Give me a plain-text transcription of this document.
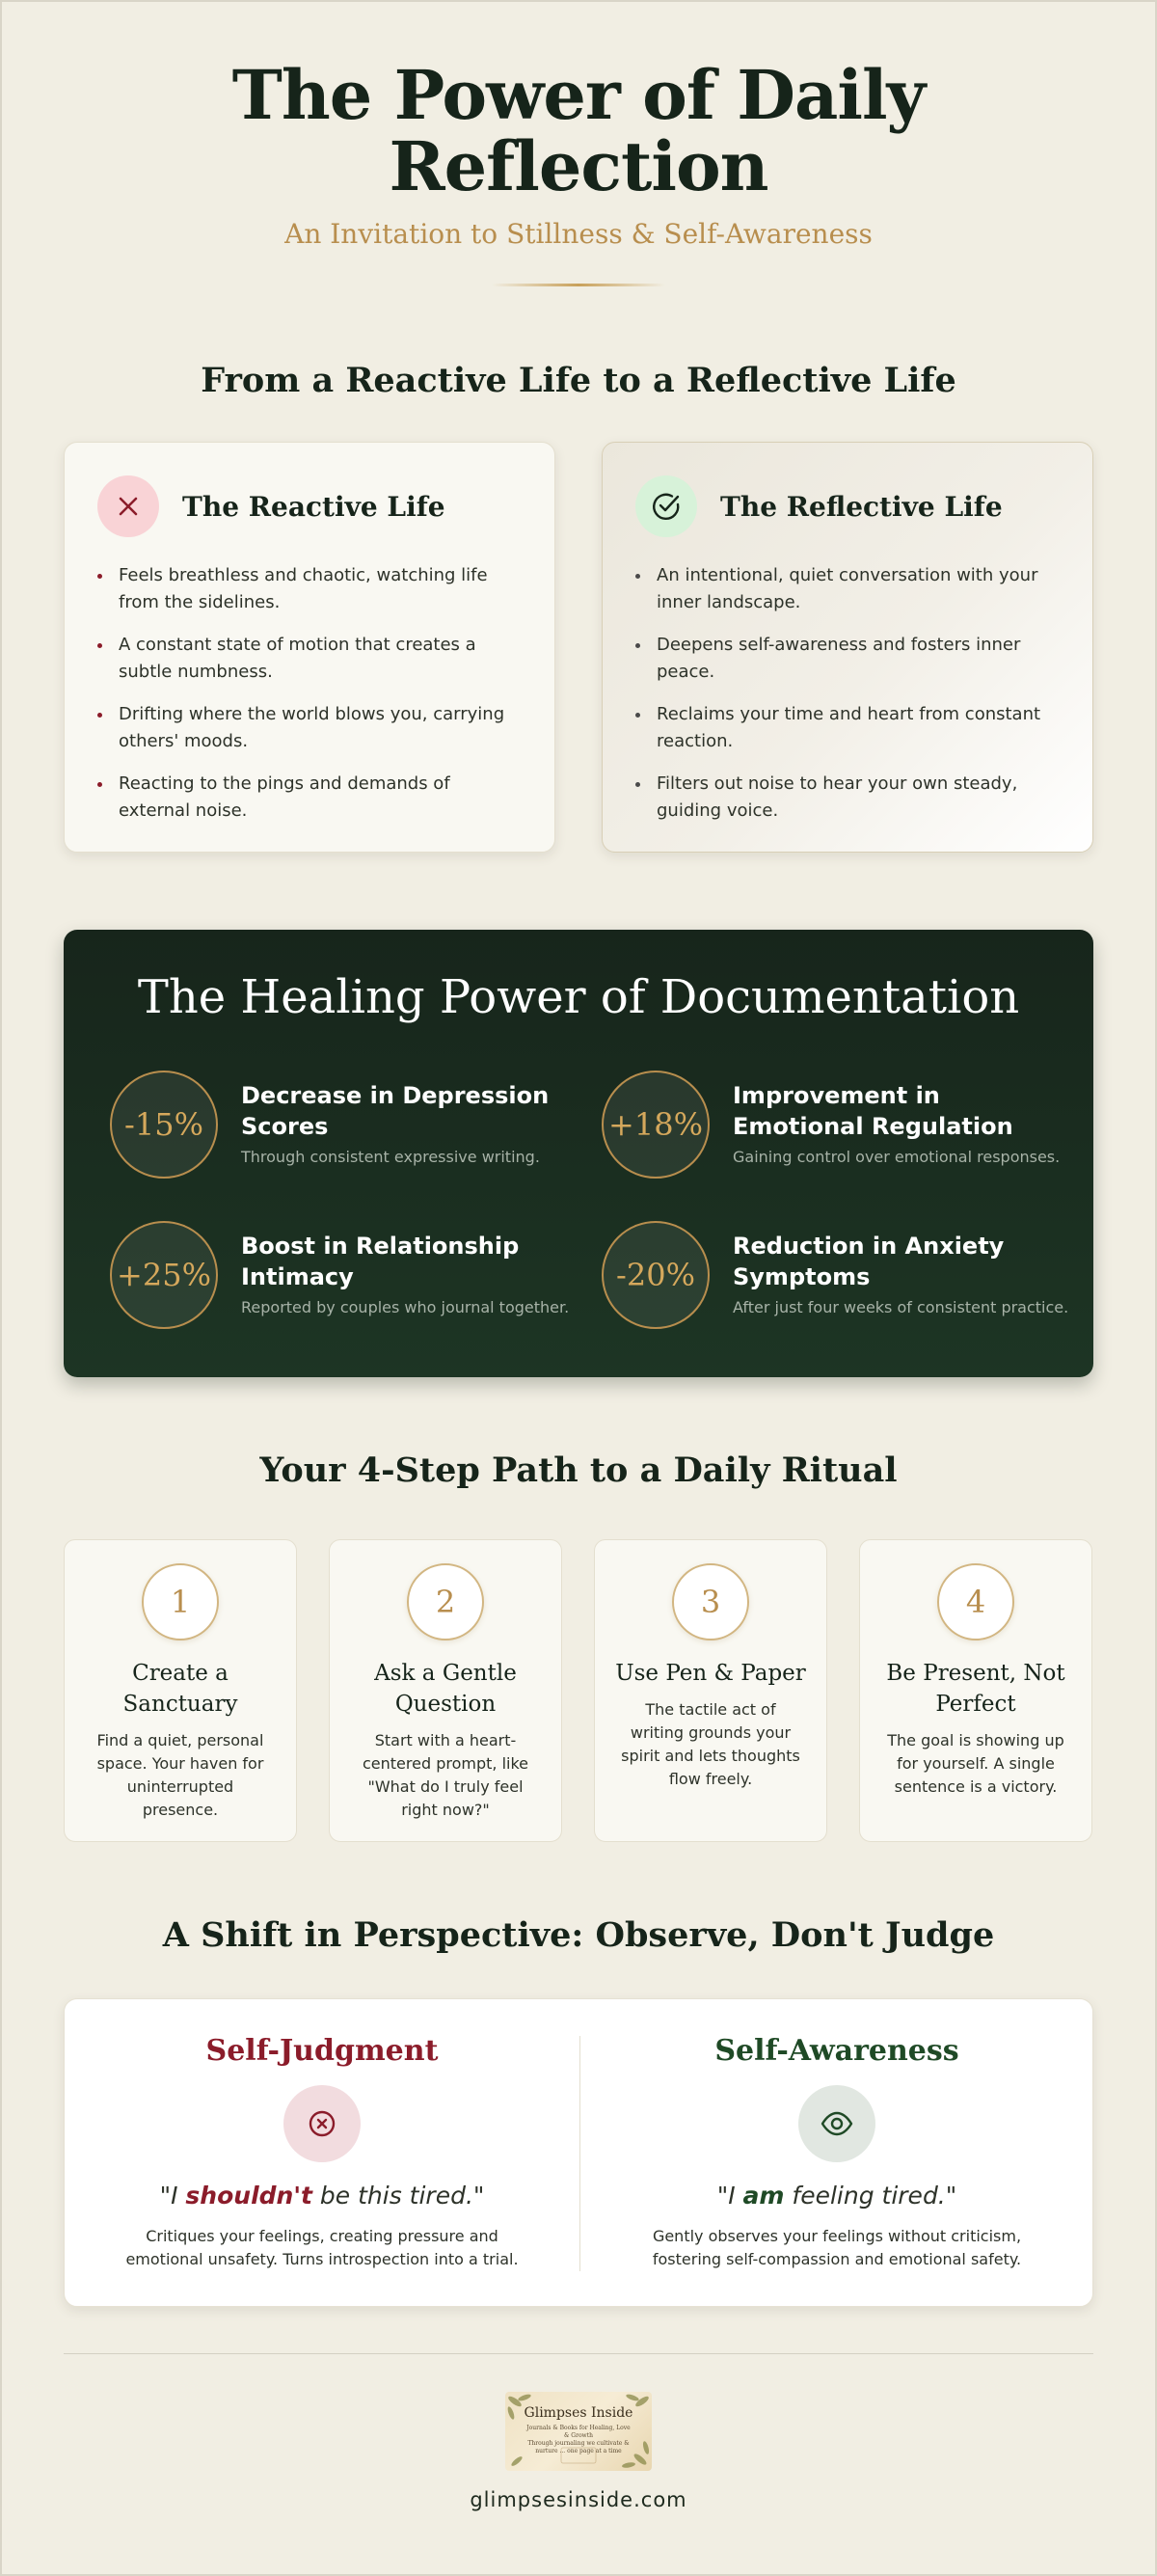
The Power of Daily
Reflection
An Invitation to Stillness & Self-Awareness
From a Reactive Life to a Reflective Life
The Reactive Life
Feels breathless and chaotic, watching life from the sidelines.
A constant state of motion that creates a subtle numbness.
Drifting where the world blows you, carrying others' moods.
Reacting to the pings and demands of external noise.
The Reflective Life
An intentional, quiet conversation with your inner landscape.
Deepens self-awareness and fosters inner peace.
Reclaims your time and heart from constant reaction.
Filters out noise to hear your own steady, guiding voice.
The Healing Power of Documentation
-15%
Decrease in Depression Scores
Through consistent expressive writing.
+18%
Improvement in Emotional Regulation
Gaining control over emotional responses.
+25%
Boost in Relationship Intimacy
Reported by couples who journal together.
-20%
Reduction in Anxiety Symptoms
After just four weeks of consistent practice.
Your 4-Step Path to a Daily Ritual
1
Create a Sanctuary
Find a quiet, personal space. Your haven for uninterrupted presence.
2
Ask a Gentle Question
Start with a heart-centered prompt, like "What do I truly feel right now?"
3
Use Pen & Paper
The tactile act of writing grounds your spirit and lets thoughts flow freely.
4
Be Present, Not Perfect
The goal is showing up for yourself. A single sentence is a victory.
A Shift in Perspective: Observe, Don't Judge
Self-Judgment
"I shouldn't be this tired."
Critiques your feelings, creating pressure and emotional unsafety. Turns introspection into a trial.
Self-Awareness
"I am feeling tired."
Gently observes your feelings without criticism, fostering self-compassion and emotional safety.
Glimpses Inside
Journals & Books for Healing, Love & Growth
Through journaling we cultivate & nurture ... one page at a time
glimpsesinside.com
